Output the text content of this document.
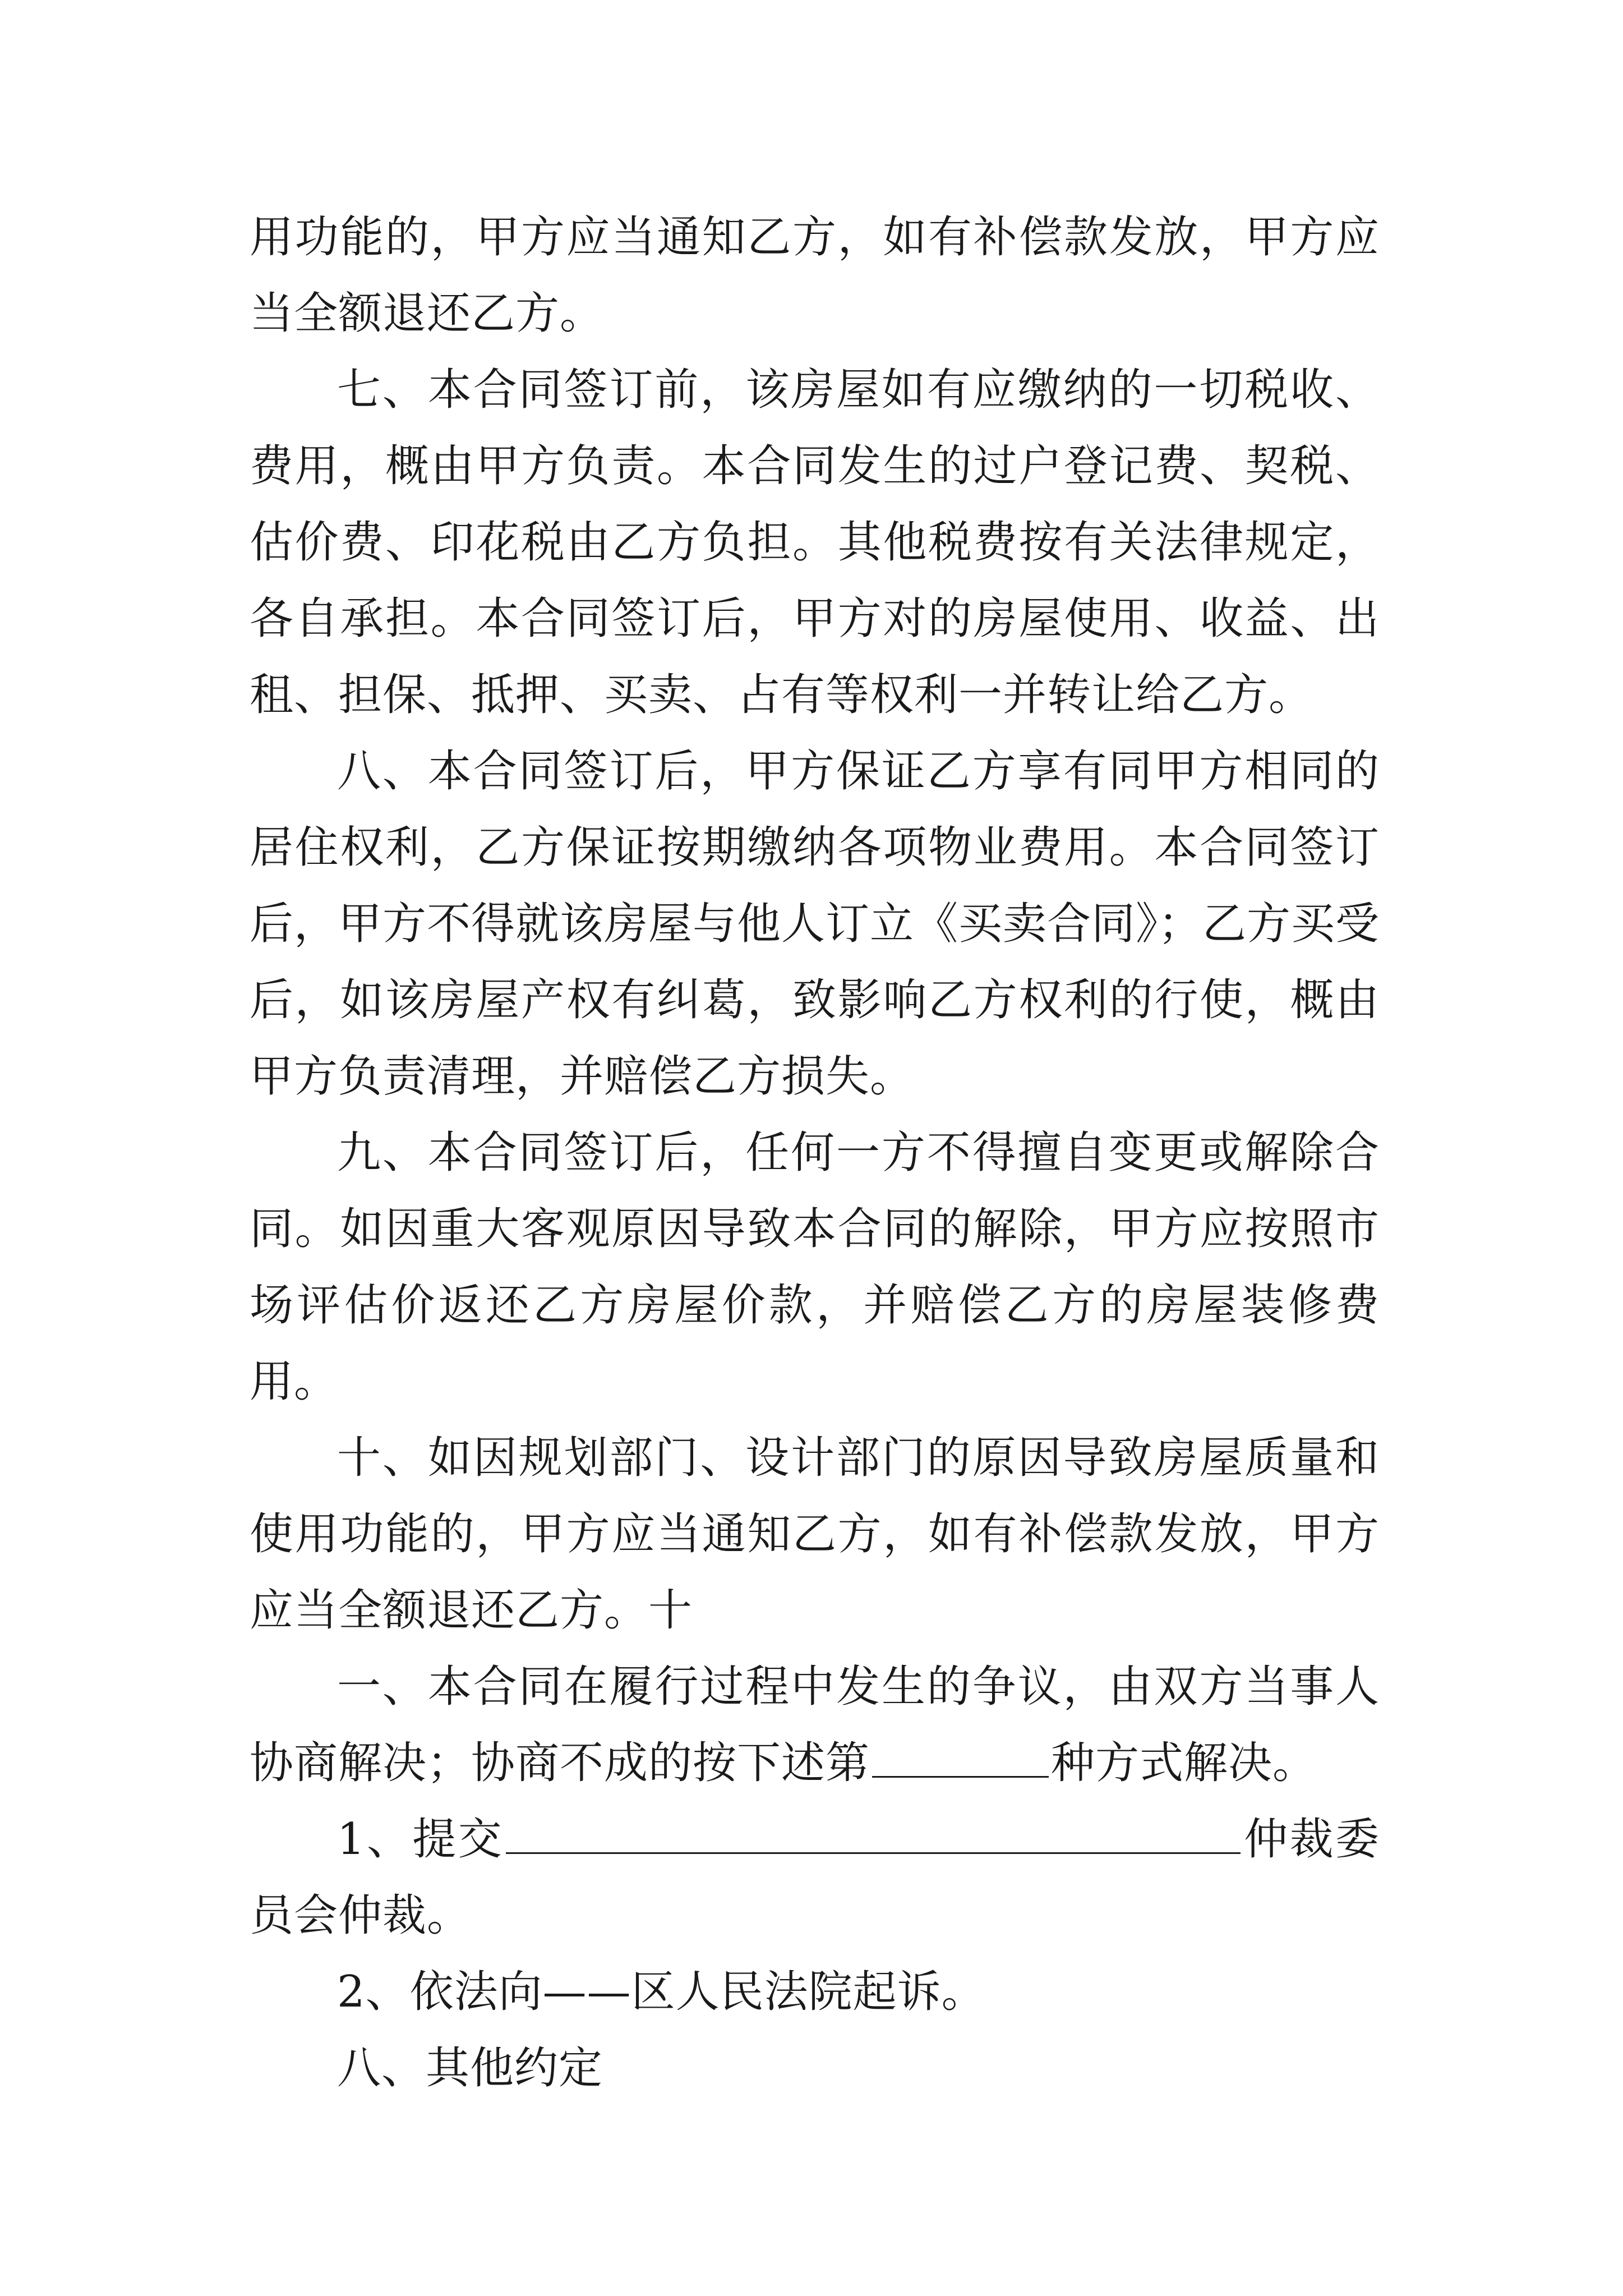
用功能的，甲方应当通知乙方，如有补偿款发放，甲方应当全额退还乙方。

七、本合同签订前，该房屋如有应缴纳的一切税收、费用，概由甲方负责。本合同发生的过户登记费、契税、估价费、印花税由乙方负担。其他税费按有关法律规定，各自承担。本合同签订后，甲方对的房屋使用、收益、出租、担保、抵押、买卖、占有等权利一并转让给乙方。

八、本合同签订后，甲方保证乙方享有同甲方相同的居住权利，乙方保证按期缴纳各项物业费用。本合同签订后，甲方不得就该房屋与他人订立《买卖合同》；乙方买受后，如该房屋产权有纠葛，致影响乙方权利的行使，概由甲方负责清理，并赔偿乙方损失。

九、本合同签订后，任何一方不得擅自变更或解除合同。如因重大客观原因导致本合同的解除，甲方应按照市场评估价返还乙方房屋价款，并赔偿乙方的房屋装修费用。

十、如因规划部门、设计部门的原因导致房屋质量和使用功能的，甲方应当通知乙方，如有补偿款发放，甲方应当全额退还乙方。十

一、本合同在履行过程中发生的争议，由双方当事人协商解决；协商不成的按下述第	种方式解决。

1、提交	仲裁委员会仲裁。

2、依法向——区人民法院起诉。

八、其他约定
